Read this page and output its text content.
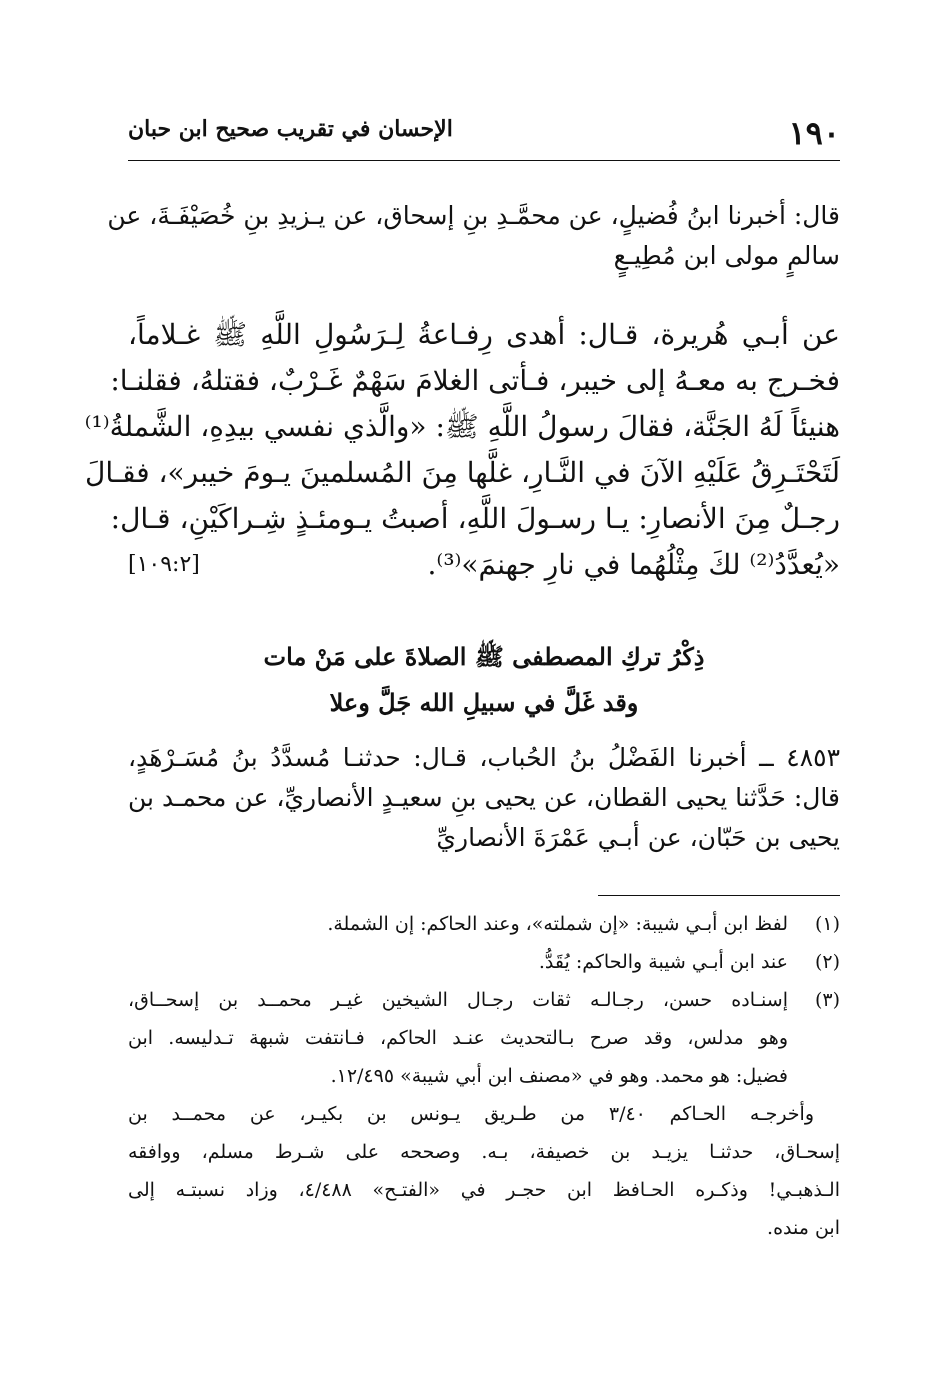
١٩٠
الإحسان في تقريب صحيح ابن حبان
قال: أخبرنا ابنُ فُضيلٍ، عن محمَّـدِ بنِ إسحاق، عن يـزيدِ بنِ خُصَيْفَـةَ، عن
سالمٍ مولى ابن مُطِيـعٍ
عن أبـي هُريرة، قـال: أهدى رِفـاعةُ لِـرَسُولِ اللَّهِ ﷺ غـلاماً،
فخـرج به معـهُ إلى خيبر، فـأتى الغلامَ سَهْمٌ غَـرْبٌ، فقتلهُ، فقلنـا:
هنيئاً لَهُ الجَنَّة، فقالَ رسولُ اللَّهِ ﷺ: «والَّذي نفسي بيدِهِ، الشَّملةُ⁽¹⁾
لَتَحْتَـرِقُ عَلَيْهِ الآنَ في النَّـارِ، غلَّها مِنَ المُسلمينَ يـومَ خيبر»، فقـالَ
رجـلٌ مِنَ الأنصارِ: يـا رسـولَ اللَّهِ، أصبتُ يـومئـذٍ شِـراكَيْنِ، قـال:
«يُعدَّدُ⁽²⁾ لكَ مِثْلُهُما في نارِ جهنمَ»⁽³⁾.
[١٠٩:٢]
ذِكْرُ تركِ المصطفى ﷺ الصلاةَ على مَنْ مات
وقد غَلَّ في سبيلِ الله جَلَّ وعلا
٤٨٥٣ ــ أخبرنا الفَضْلُ بنُ الحُباب، قـال: حدثنـا مُسدَّدُ بنُ مُسَـرْهَدٍ،
قال: حَدَّثنا يحيى القطان، عن يحيى بنِ سعيـدٍ الأنصاريِّ، عن محمـد بن
يحيى بن حَبّان، عن أبـي عَمْرَةَ الأنصاريِّ
(١)
لفظ ابن أبـي شيبة: «إن شملته»، وعند الحاكم: إن الشملة.
(٢)
عند ابن أبـي شيبة والحاكم: يُقَدُّ.
(٣)
إسنـاده حسن، رجـالـه ثقات رجـال الشيخين غيـر محمــد بن إسحــاق،
وهو مدلس، وقد صرح بـالتحديث عنـد الحاكم، فـانتفت شبهة تـدليسه. ابن
فضيل: هو محمد. وهو في «مصنف ابن أبي شيبة» ١٢/٤٩٥.
وأخرجـه الحـاكم ٣/٤٠ من طـريق يـونس بن بكيـر، عن محمــد بن
إسحـاق، حدثنـا يزيـد بن خصيفة، بـه. وصححه على شـرط مسلم، ووافقه
الـذهبـي! وذكـره الحـافظ ابن حجـر في «الفتـح» ٤/٤٨٨، وزاد نسبتـه إلى
ابن منده.
